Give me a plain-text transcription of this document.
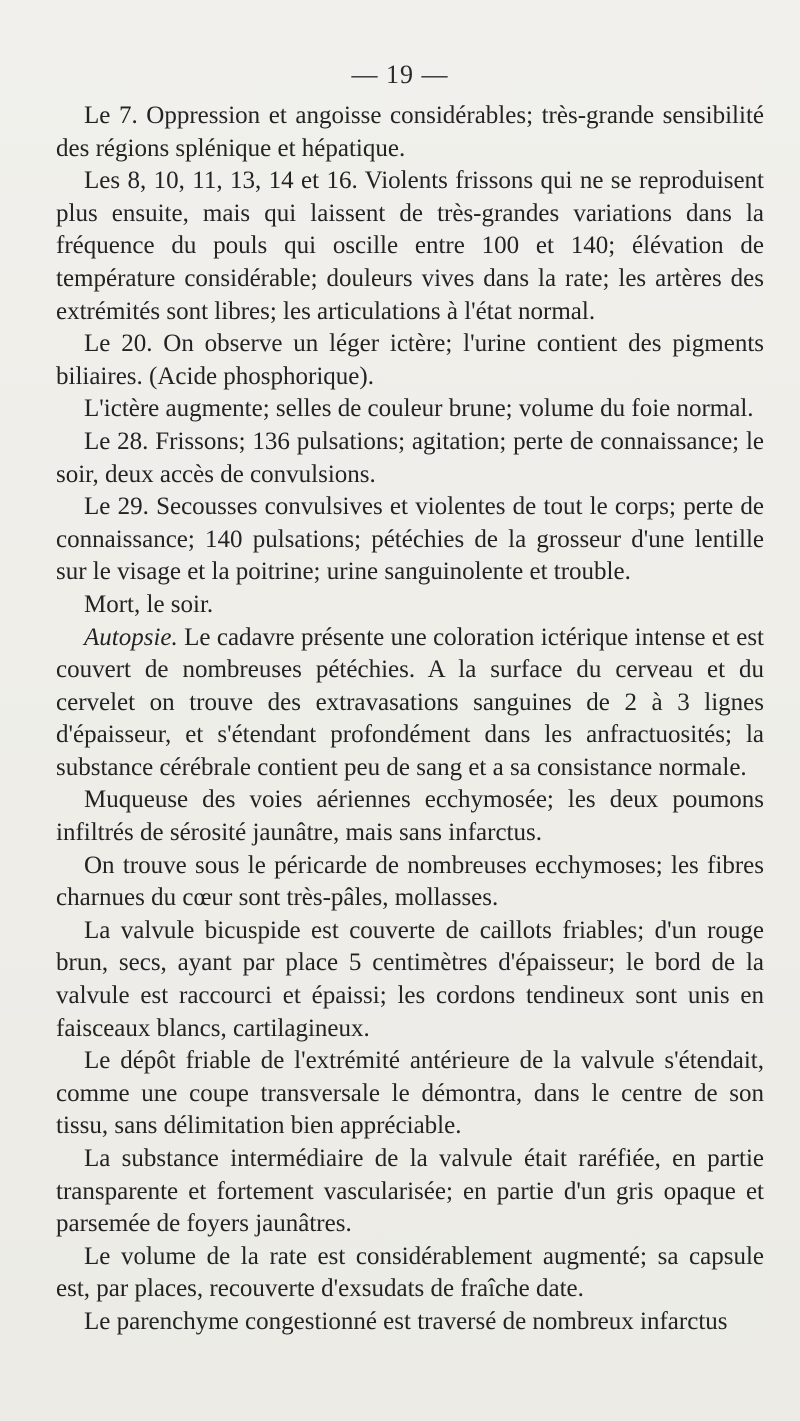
— 19 —

Le 7. Oppression et angoisse considérables; très-grande sensibilité des régions splénique et hépatique.

Les 8, 10, 11, 13, 14 et 16. Violents frissons qui ne se reproduisent plus ensuite, mais qui laissent de très-grandes variations dans la fréquence du pouls qui oscille entre 100 et 140; élévation de température considérable; douleurs vives dans la rate; les artères des extrémités sont libres; les articulations à l'état normal.

Le 20. On observe un léger ictère; l'urine contient des pigments biliaires. (Acide phosphorique).

L'ictère augmente; selles de couleur brune; volume du foie normal.

Le 28. Frissons; 136 pulsations; agitation; perte de connaissance; le soir, deux accès de convulsions.

Le 29. Secousses convulsives et violentes de tout le corps; perte de connaissance; 140 pulsations; pétéchies de la grosseur d'une lentille sur le visage et la poitrine; urine sanguinolente et trouble.

Mort, le soir.

Autopsie. Le cadavre présente une coloration ictérique intense et est couvert de nombreuses pétéchies. A la surface du cerveau et du cervelet on trouve des extravasations sanguines de 2 à 3 lignes d'épaisseur, et s'étendant profondément dans les anfractuosités; la substance cérébrale contient peu de sang et a sa consistance normale.

Muqueuse des voies aériennes ecchymosée; les deux poumons infiltrés de sérosité jaunâtre, mais sans infarctus.

On trouve sous le péricarde de nombreuses ecchymoses; les fibres charnues du cœur sont très-pâles, mollasses.

La valvule bicuspide est couverte de caillots friables; d'un rouge brun, secs, ayant par place 5 centimètres d'épaisseur; le bord de la valvule est raccourci et épaissi; les cordons tendineux sont unis en faisceaux blancs, cartilagineux.

Le dépôt friable de l'extrémité antérieure de la valvule s'étendait, comme une coupe transversale le démontra, dans le centre de son tissu, sans délimitation bien appréciable.

La substance intermédiaire de la valvule était raréfiée, en partie transparente et fortement vascularisée; en partie d'un gris opaque et parsemée de foyers jaunâtres.

Le volume de la rate est considérablement augmenté; sa capsule est, par places, recouverte d'exsudats de fraîche date.

Le parenchyme congestionné est traversé de nombreux infarctus
